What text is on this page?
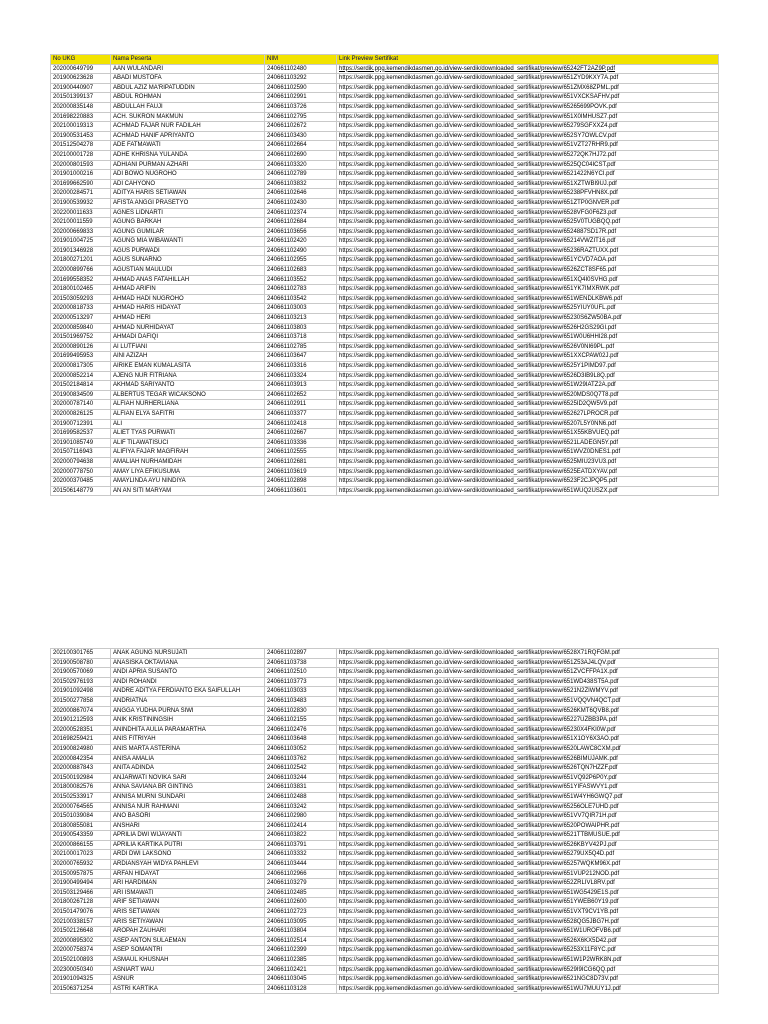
No UKG	Nama Peserta	NIM	Link Preview Sertifikat
202000649799	AAN WULANDARI	240661102480	https://serdik.ppg.kemendikdasmen.go.id/view-serdik/downloaded_sertifikat/preview/65242FT2AZ9P.pdf
201900623628	ABADI MUSTOFA	240661103292	https://serdik.ppg.kemendikdasmen.go.id/view-serdik/downloaded_sertifikat/preview/651ZYD9KXY7A.pdf
201900440907	ABDUL AZIZ MA'RIPATUDDIN	240661102590	https://serdik.ppg.kemendikdasmen.go.id/view-serdik/downloaded_sertifikat/preview/651ZMX68ZPML.pdf
201501399137	ABDUL ROHMAN	240661102991	https://serdik.ppg.kemendikdasmen.go.id/view-serdik/downloaded_sertifikat/preview/651VXCKSAFHV.pdf
202000835148	ABDULLAH FAUJI	240661103726	https://serdik.ppg.kemendikdasmen.go.id/view-serdik/downloaded_sertifikat/preview/65265699POVK.pdf
201698220883	ACH. SUKRON MAKMUN	240661102795	https://serdik.ppg.kemendikdasmen.go.id/view-serdik/downloaded_sertifikat/preview/651X0IMHUSZ7.pdf
202100019313	ACHMAD FAJAR NUR FADILAH	240661102672	https://serdik.ppg.kemendikdasmen.go.id/view-serdik/downloaded_sertifikat/preview/65279SGFXXZ4.pdf
201900531453	ACHMAD HANIF APRIYANTO	240661103430	https://serdik.ppg.kemendikdasmen.go.id/view-serdik/downloaded_sertifikat/preview/652SY7OWLCV.pdf
201512504278	ADE FATMAWATI	240661102664	https://serdik.ppg.kemendikdasmen.go.id/view-serdik/downloaded_sertifikat/preview/651VZT27RHR9.pdf
202100001728	ADHE KHRISNA YULANDA	240661102690	https://serdik.ppg.kemendikdasmen.go.id/view-serdik/downloaded_sertifikat/preview/65272QK7HJ72.pdf
202000801593	ADHIANI PURMAN AZHARI	240661103320	https://serdik.ppg.kemendikdasmen.go.id/view-serdik/downloaded_sertifikat/preview/6525QC04ICST.pdf
201901000216	ADI BOWO NUGROHO	240661102789	https://serdik.ppg.kemendikdasmen.go.id/view-serdik/downloaded_sertifikat/preview/6521422N6YCI.pdf
201699662590	ADI CAHYONO	240661103832	https://serdik.ppg.kemendikdasmen.go.id/view-serdik/downloaded_sertifikat/preview/651XZTWBI9UJ.pdf
202000284571	ADITYA HARIS SETIAWAN	240661102646	https://serdik.ppg.kemendikdasmen.go.id/view-serdik/downloaded_sertifikat/preview/65238PFVHN8X.pdf
201900539932	AFISTA ANGGI PRASETYO	240661102430	https://serdik.ppg.kemendikdasmen.go.id/view-serdik/downloaded_sertifikat/preview/651ZTP0GNVER.pdf
202200011633	AGNES LIDNARTI	240661102374	https://serdik.ppg.kemendikdasmen.go.id/view-serdik/downloaded_sertifikat/preview/6528VFG0F6Z3.pdf
202100011559	AGUNG BARKAH	240661102684	https://serdik.ppg.kemendikdasmen.go.id/view-serdik/downloaded_sertifikat/preview/6525V0TUGBQQ.pdf
202000669833	AGUNG GUMILAR	240661103656	https://serdik.ppg.kemendikdasmen.go.id/view-serdik/downloaded_sertifikat/preview/6524887SD17R.pdf
201901004725	AGUNG MIA WIBAWANTI	240661102420	https://serdik.ppg.kemendikdasmen.go.id/view-serdik/downloaded_sertifikat/preview/65214VWZIT16.pdf
201901346928	AGUS PURWADI	240661102490	https://serdik.ppg.kemendikdasmen.go.id/view-serdik/downloaded_sertifikat/preview/65236RAZTUXX.pdf
201800271201	AGUS SUNARNO	240661102955	https://serdik.ppg.kemendikdasmen.go.id/view-serdik/downloaded_sertifikat/preview/651YCVD7AOA.pdf
202000899766	AGUSTIAN MAULUDI	240661102683	https://serdik.ppg.kemendikdasmen.go.id/view-serdik/downloaded_sertifikat/preview/6526ZCT8SF65.pdf
201699558352	AHMAD ANAS FATAHILLAH	240661103552	https://serdik.ppg.kemendikdasmen.go.id/view-serdik/downloaded_sertifikat/preview/651XQ4I0SVHG.pdf
201800102465	AHMAD ARIFIN	240661102783	https://serdik.ppg.kemendikdasmen.go.id/view-serdik/downloaded_sertifikat/preview/651YK7IMXRWK.pdf
201503059293	AHMAD HADI NUGROHO	240661103542	https://serdik.ppg.kemendikdasmen.go.id/view-serdik/downloaded_sertifikat/preview/651WENDLKBW6.pdf
202000818733	AHMAD HARIS HIDAYAT	240661103003	https://serdik.ppg.kemendikdasmen.go.id/view-serdik/downloaded_sertifikat/preview/6525YIUY0UFL.pdf
202000513297	AHMAD HERI	240661103213	https://serdik.ppg.kemendikdasmen.go.id/view-serdik/downloaded_sertifikat/preview/65230S6ZW50BA.pdf
202000859840	AHMAD NURHIDAYAT	240661103803	https://serdik.ppg.kemendikdasmen.go.id/view-serdik/downloaded_sertifikat/preview/6526H2GS29GI.pdf
201501969752	AHMADI DAFIQI	240661103718	https://serdik.ppg.kemendikdasmen.go.id/view-serdik/downloaded_sertifikat/preview/651W0U6HHI28.pdf
202000890126	AI LUTFIANI	240661102785	https://serdik.ppg.kemendikdasmen.go.id/view-serdik/downloaded_sertifikat/preview/6526V0NI69PL.pdf
201699495953	AINI AZIZAH	240661103647	https://serdik.ppg.kemendikdasmen.go.id/view-serdik/downloaded_sertifikat/preview/651XXCPAW02J.pdf
202000817305	AIRIKE EMAN KUMALASITA	240661103316	https://serdik.ppg.kemendikdasmen.go.id/view-serdik/downloaded_sertifikat/preview/6525Y1PIMD97.pdf
202000852214	AJENG NUR FITRIANA	240661103324	https://serdik.ppg.kemendikdasmen.go.id/view-serdik/downloaded_sertifikat/preview/6526D3IB9L8Q.pdf
201502184814	AKHMAD SARIYANTO	240661103913	https://serdik.ppg.kemendikdasmen.go.id/view-serdik/downloaded_sertifikat/preview/651W29IATZ2A.pdf
201900834509	ALBERTUS TEGAR WICAKSONO	240661102652	https://serdik.ppg.kemendikdasmen.go.id/view-serdik/downloaded_sertifikat/preview/6520MDS0Q7T8.pdf
202000787140	ALFIAH NURHERLIANA	240661102911	https://serdik.ppg.kemendikdasmen.go.id/view-serdik/downloaded_sertifikat/preview/6525ID2QW5V9.pdf
202000826125	ALFIAN ELYA SAFITRI	240661103377	https://serdik.ppg.kemendikdasmen.go.id/view-serdik/downloaded_sertifikat/preview/652627LPROCR.pdf
201900712391	ALI	240661102418	https://serdik.ppg.kemendikdasmen.go.id/view-serdik/downloaded_sertifikat/preview/65207L5Y0NN6.pdf
201699582537	ALIET TYAS PURWATI	240661102667	https://serdik.ppg.kemendikdasmen.go.id/view-serdik/downloaded_sertifikat/preview/651X55KBVUEQ.pdf
201901085749	ALIF TILAWATISUCI	240661103336	https://serdik.ppg.kemendikdasmen.go.id/view-serdik/downloaded_sertifikat/preview/6521LADEGN5Y.pdf
201507116943	ALIFIYA FAJAR MAGFIRAH	240661102555	https://serdik.ppg.kemendikdasmen.go.id/view-serdik/downloaded_sertifikat/preview/651WVZ0DNES1.pdf
202000794638	AMALIAH NURHAMIDAH	240661102681	https://serdik.ppg.kemendikdasmen.go.id/view-serdik/downloaded_sertifikat/preview/6525MIU23VU3.pdf
202000778750	AMAY LIYA EFIKUSUMA	240661103619	https://serdik.ppg.kemendikdasmen.go.id/view-serdik/downloaded_sertifikat/preview/6525EATDXYAV.pdf
202000370485	AMAYLINDA AYU NINDIYA	240661102898	https://serdik.ppg.kemendikdasmen.go.id/view-serdik/downloaded_sertifikat/preview/6523F2CJPQP5.pdf
201506148779	AN AN SITI MARYAM	240661103601	https://serdik.ppg.kemendikdasmen.go.id/view-serdik/downloaded_sertifikat/preview/651WUQ2USZX.pdf
202100301765	ANAK AGUNG NURSUJATI	240661102897	https://serdik.ppg.kemendikdasmen.go.id/view-serdik/downloaded_sertifikat/preview/6528X71RQFGM.pdf
201900508780	ANASISKA OKTAVIANA	240661103738	https://serdik.ppg.kemendikdasmen.go.id/view-serdik/downloaded_sertifikat/preview/651Z53AJ4LQV.pdf
201900570069	ANDI APRIA SUSANTO	240661102510	https://serdik.ppg.kemendikdasmen.go.id/view-serdik/downloaded_sertifikat/preview/651ZVCFFPA1X.pdf
201502976193	ANDI ROHANDI	240661103773	https://serdik.ppg.kemendikdasmen.go.id/view-serdik/downloaded_sertifikat/preview/651WD438ST5A.pdf
201901092498	ANDRE ADITYA FERDIANTO EKA SAIFULLAH	240661103033	https://serdik.ppg.kemendikdasmen.go.id/view-serdik/downloaded_sertifikat/preview/6521N2ZIWMYV.pdf
201500277858	ANDRIATNA	240661103483	https://serdik.ppg.kemendikdasmen.go.id/view-serdik/downloaded_sertifikat/preview/651VQQVN4QCT.pdf
202000867074	ANGGA YUDHA PURNA SIWI	240661102830	https://serdik.ppg.kemendikdasmen.go.id/view-serdik/downloaded_sertifikat/preview/6526KMT6QVB8.pdf
201901212593	ANIK KRISTININGSIH	240661102155	https://serdik.ppg.kemendikdasmen.go.id/view-serdik/downloaded_sertifikat/preview/65227UZBB3PA.pdf
202000528351	ANINDHITA AULIA PARAMARTHA	240661102476	https://serdik.ppg.kemendikdasmen.go.id/view-serdik/downloaded_sertifikat/preview/65230X4FKI0W.pdf
201698259421	ANIS FITRIYAH	240661103648	https://serdik.ppg.kemendikdasmen.go.id/view-serdik/downloaded_sertifikat/preview/651X1OY6X3AO.pdf
201900824980	ANIS MARTA ASTERINA	240661103052	https://serdik.ppg.kemendikdasmen.go.id/view-serdik/downloaded_sertifikat/preview/6520LAWC8CXM.pdf
202000842354	ANISA AMALIA	240661103762	https://serdik.ppg.kemendikdasmen.go.id/view-serdik/downloaded_sertifikat/preview/6526BIMUJAMK.pdf
202000887843	ANITA ADINDA	240661102542	https://serdik.ppg.kemendikdasmen.go.id/view-serdik/downloaded_sertifikat/preview/6526TQN7HZZF.pdf
201500192984	ANJARWATI NOVIKA SARI	240661103244	https://serdik.ppg.kemendikdasmen.go.id/view-serdik/downloaded_sertifikat/preview/651VQ92P6P0Y.pdf
201800082576	ANNA SAVIANA BR GINTING	240661103831	https://serdik.ppg.kemendikdasmen.go.id/view-serdik/downloaded_sertifikat/preview/651YIFASWVY1.pdf
201502533917	ANNISA MURNI SUNDARI	240661102488	https://serdik.ppg.kemendikdasmen.go.id/view-serdik/downloaded_sertifikat/preview/651W4YH6GWQ7.pdf
202000764565	ANNISA NUR RAHMANI	240661103242	https://serdik.ppg.kemendikdasmen.go.id/view-serdik/downloaded_sertifikat/preview/65256OLE7UHD.pdf
201501039084	ANO BASORI	240661102980	https://serdik.ppg.kemendikdasmen.go.id/view-serdik/downloaded_sertifikat/preview/651VV7QIR71H.pdf
201800855081	ANSHARI	240661102414	https://serdik.ppg.kemendikdasmen.go.id/view-serdik/downloaded_sertifikat/preview/6520POWAIPHR.pdf
201900543359	APRILIA DWI WIJAYANTI	240661103822	https://serdik.ppg.kemendikdasmen.go.id/view-serdik/downloaded_sertifikat/preview/6521TTBMUSUE.pdf
202000866155	APRILIA KARTIKA PUTRI	240661103791	https://serdik.ppg.kemendikdasmen.go.id/view-serdik/downloaded_sertifikat/preview/6526KBYV42PJ.pdf
202100017023	ARDI DWI LAKSONO	240661103332	https://serdik.ppg.kemendikdasmen.go.id/view-serdik/downloaded_sertifikat/preview/65279UX5Q4D.pdf
202000765932	ARDIANSYAH WIDYA PAHLEVI	240661103444	https://serdik.ppg.kemendikdasmen.go.id/view-serdik/downloaded_sertifikat/preview/65257WQKM96X.pdf
201500957875	ARFAN HIDAYAT	240661102966	https://serdik.ppg.kemendikdasmen.go.id/view-serdik/downloaded_sertifikat/preview/651VUP212NOD.pdf
201900499494	ARI HARDIMAN	240661103279	https://serdik.ppg.kemendikdasmen.go.id/view-serdik/downloaded_sertifikat/preview/652ZRLIVL8RV.pdf
201503129466	ARI ISMAWATI	240661102485	https://serdik.ppg.kemendikdasmen.go.id/view-serdik/downloaded_sertifikat/preview/651WG5429E1S.pdf
201800267128	ARIF SETIAWAN	240661102600	https://serdik.ppg.kemendikdasmen.go.id/view-serdik/downloaded_sertifikat/preview/651YWEB60Y19.pdf
201501479076	ARIS SETIAWAN	240661102723	https://serdik.ppg.kemendikdasmen.go.id/view-serdik/downloaded_sertifikat/preview/651VXT9CV1YB.pdf
202100338157	ARIS SETIYAWAN	240661103095	https://serdik.ppg.kemendikdasmen.go.id/view-serdik/downloaded_sertifikat/preview/6528QG5JBG7H.pdf
201502126648	AROPAH ZAUHARI	240661103804	https://serdik.ppg.kemendikdasmen.go.id/view-serdik/downloaded_sertifikat/preview/651W1UROFVB6.pdf
202000895302	ASEP ANTON SULAEMAN	240661102514	https://serdik.ppg.kemendikdasmen.go.id/view-serdik/downloaded_sertifikat/preview/6526X6KX5D42.pdf
202000758374	ASEP SOMANTRI	240661102399	https://serdik.ppg.kemendikdasmen.go.id/view-serdik/downloaded_sertifikat/preview/65253X11F8YC.pdf
201502100893	ASMAUL KHUSNAH	240661102385	https://serdik.ppg.kemendikdasmen.go.id/view-serdik/downloaded_sertifikat/preview/651W1P2WRK8N.pdf
202300050340	ASNIART WAU	240661102421	https://serdik.ppg.kemendikdasmen.go.id/view-serdik/downloaded_sertifikat/preview/6529I9ICG6QQ.pdf
201901094325	ASNUR	240661103045	https://serdik.ppg.kemendikdasmen.go.id/view-serdik/downloaded_sertifikat/preview/6521NGC8D73V.pdf
201506371254	ASTRI KARTIKA	240661103128	https://serdik.ppg.kemendikdasmen.go.id/view-serdik/downloaded_sertifikat/preview/651WU7MUUY1J.pdf
